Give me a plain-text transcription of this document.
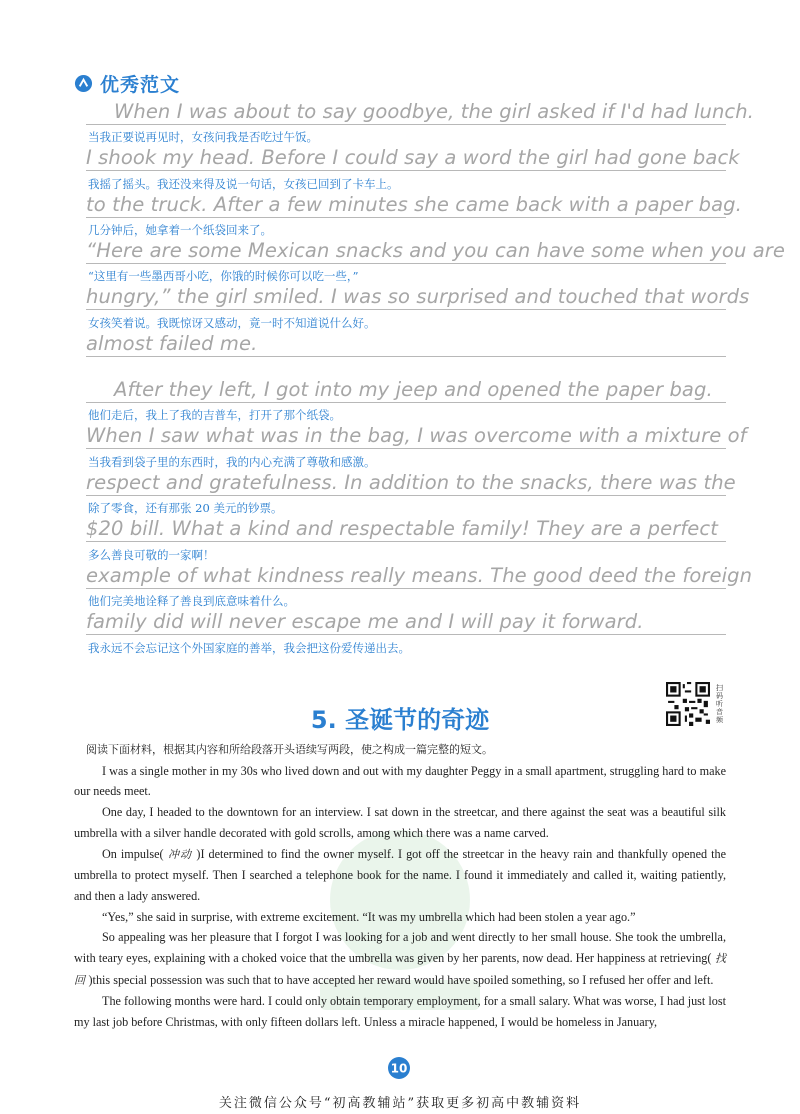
优秀范文
When I was about to say goodbye, the girl asked if I'd had lunch.
当我正要说再见时，女孩问我是否吃过午饭。
I shook my head. Before I could say a word the girl had gone back
我摇了摇头。我还没来得及说一句话，女孩已回到了卡车上。
to the truck. After a few minutes she came back with a paper bag.
几分钟后，她拿着一个纸袋回来了。
“Here are some Mexican snacks and you can have some when you are
“这里有一些墨西哥小吃，你饿的时候你可以吃一些，”
hungry,” the girl smiled. I was so surprised and touched that words
女孩笑着说。我既惊讶又感动，竟一时不知道说什么好。
almost failed me.
After they left, I got into my jeep and opened the paper bag.
他们走后，我上了我的吉普车，打开了那个纸袋。
When I saw what was in the bag, I was overcome with a mixture of
当我看到袋子里的东西时，我的内心充满了尊敬和感激。
respect and gratefulness. In addition to the snacks, there was the
除了零食，还有那张 20 美元的钞票。
$20 bill. What a kind and respectable family! They are a perfect
多么善良可敬的一家啊！
example of what kindness really means. The good deed the foreign
他们完美地诠释了善良到底意味着什么。
family did will never escape me and I will pay it forward.
我永远不会忘记这个外国家庭的善举，我会把这份爱传递出去。
扫码听音频
5. 圣诞节的奇迹

阅读下面材料，根据其内容和所给段落开头语续写两段，使之构成一篇完整的短文。

I was a single mother in my 30s who lived down and out with my daughter Peggy in a small apartment, struggling hard to make our needs meet.

One day, I headed to the downtown for an interview. I sat down in the streetcar, and there against the seat was a beautiful silk umbrella with a silver handle decorated with gold scrolls, among which there was a name carved.

On impulse( 冲动 )I determined to find the owner myself. I got off the streetcar in the heavy rain and thankfully opened the umbrella to protect myself. Then I searched a telephone book for the name. I found it immediately and called it, waiting patiently, and then a lady answered.

“Yes,” she said in surprise, with extreme excitement. “It was my umbrella which had been stolen a year ago.”

So appealing was her pleasure that I forgot I was looking for a job and went directly to her small house. She took the umbrella, with teary eyes, explaining with a choked voice that the umbrella was given by her parents, now dead. Her happiness at retrieving( 找回 )this special possession was such that to have accepted her reward would have spoiled something, so I refused her offer and left.

The following months were hard. I could only obtain temporary employment, for a small salary. What was worse, I had just lost my last job before Christmas, with only fifteen dollars left. Unless a miracle happened, I would be homeless in January,

10
关注微信公众号“初高教辅站”获取更多初高中教辅资料
